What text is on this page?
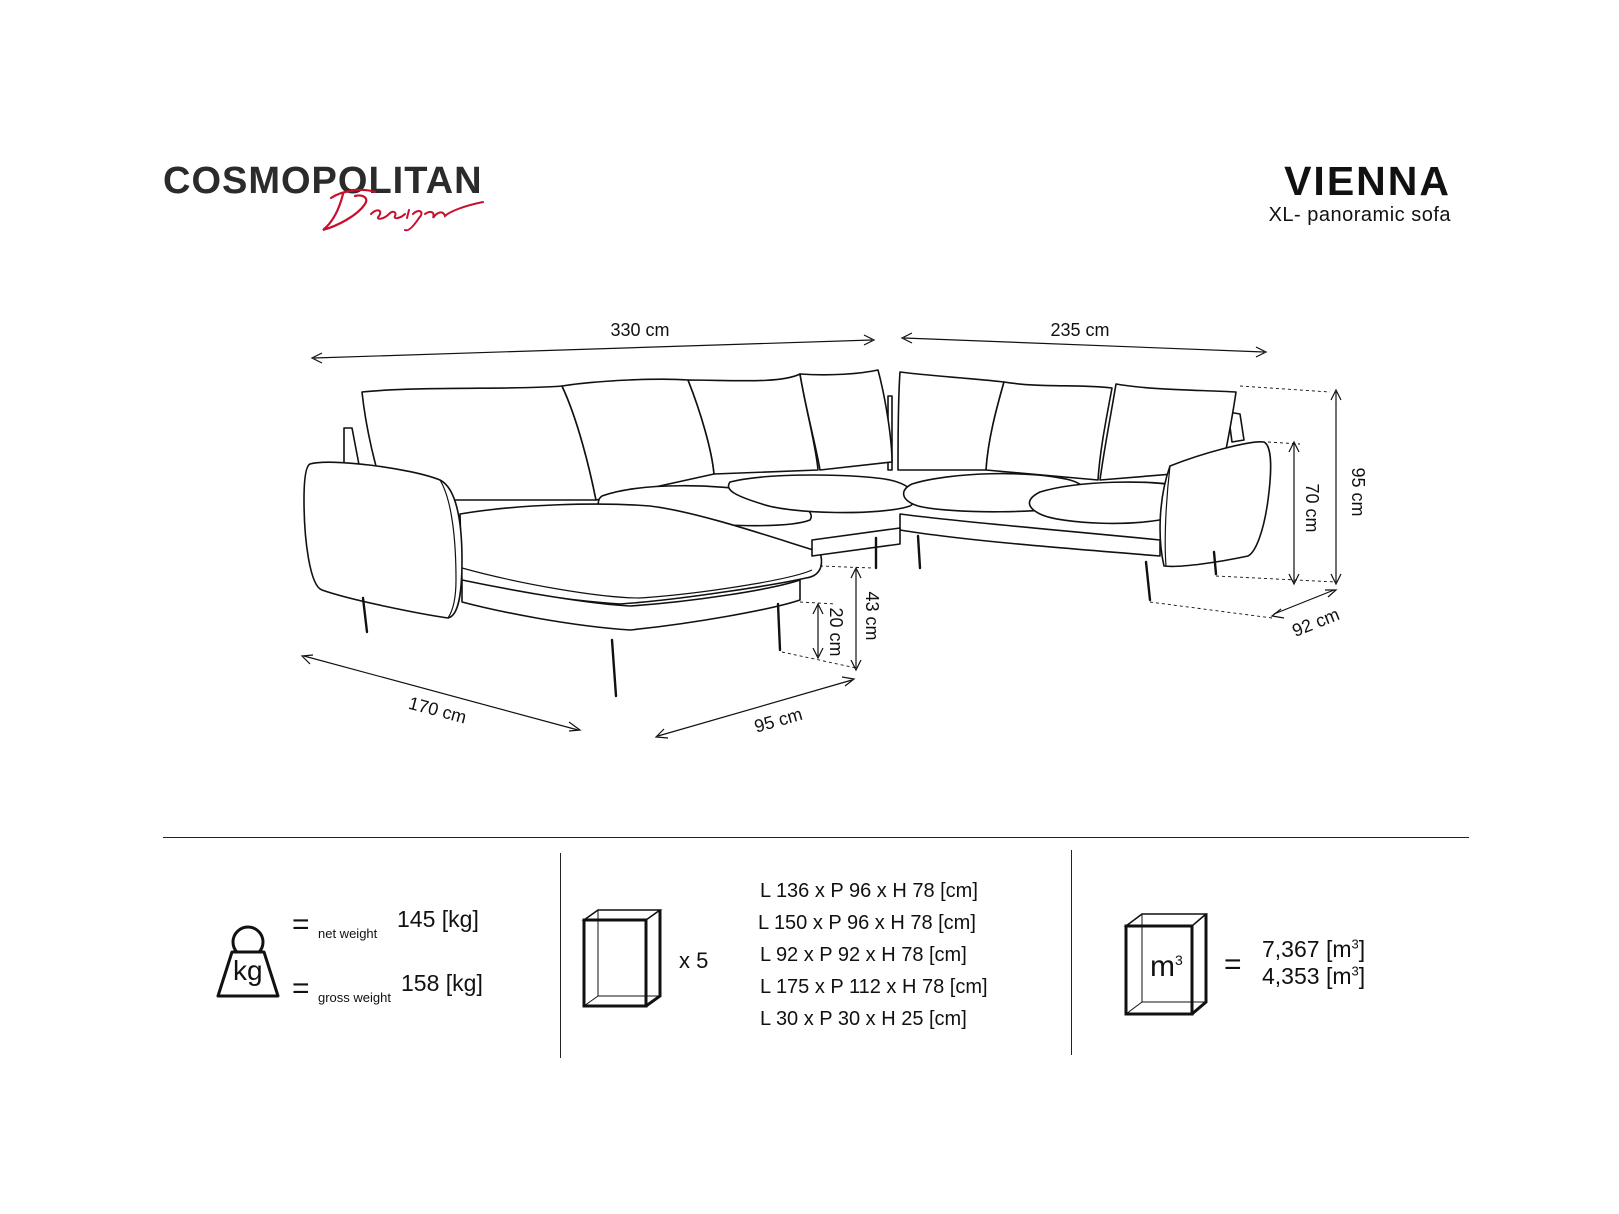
COSMOPOLITAN	VIENNA
XL- panoramic sofa
330 cm	235 cm
95 cm
70 cm
92 cm
43 cm
20 cm
170 cm	95 cm
kg
= net weight
145 [kg]
= gross weight
158 [kg]
x 5
L 136 x P 96 x H 78 [cm]
L 150 x P 96 x H 78 [cm]
L 92 x P 92 x H 78 [cm]
L 175 x P 112 x H 78 [cm]
L 30 x P 30 x H 25 [cm]
$m^3 = 7,367$ $[m^3]$
4,353 $[m^3]$
